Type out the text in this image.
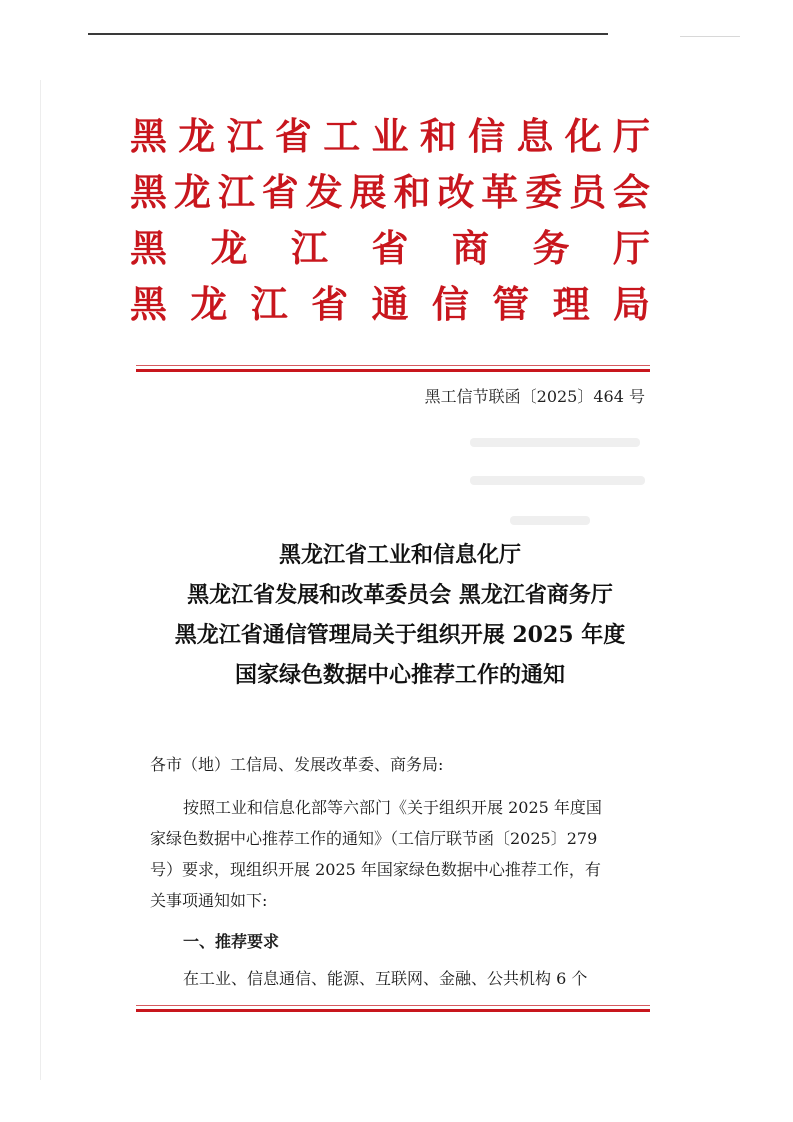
黑龙江省工业和信息化厅
黑龙江省发展和改革委员会
黑龙江省商务厅
黑龙江省通信管理局
黑工信节联函〔2025〕464 号
黑龙江省工业和信息化厅
黑龙江省发展和改革委员会 黑龙江省商务厅
黑龙江省通信管理局关于组织开展 2025 年度
国家绿色数据中心推荐工作的通知
各市（地）工信局、发展改革委、商务局:
按照工业和信息化部等六部门《关于组织开展 2025 年度国
家绿色数据中心推荐工作的通知》（工信厅联节函〔2025〕279
号）要求，现组织开展 2025 年国家绿色数据中心推荐工作，有
关事项通知如下:
一、推荐要求
在工业、信息通信、能源、互联网、金融、公共机构 6 个
